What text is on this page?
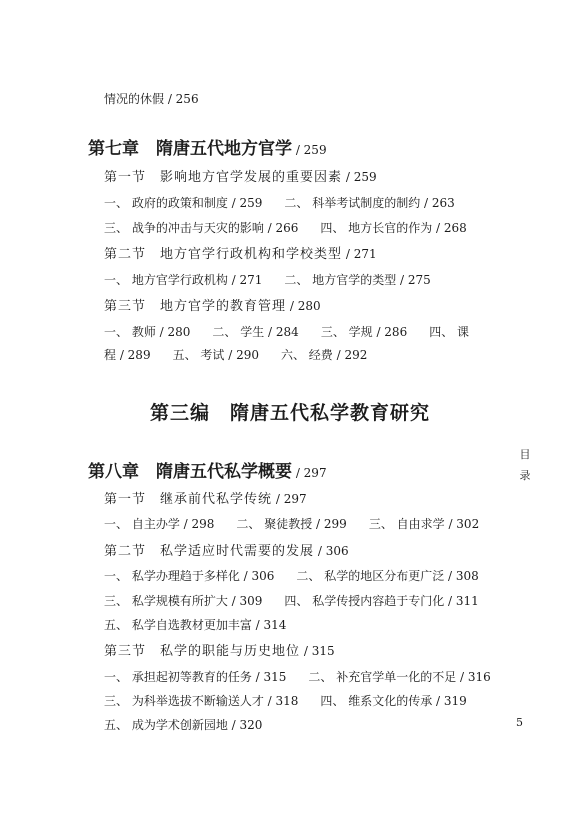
情况的休假 / 256
第七章　隋唐五代地方官学 / 259
第一节　影响地方官学发展的重要因素 / 259
一、 政府的政策和制度 / 259 二、 科举考试制度的制约 / 263
三、 战争的冲击与天灾的影响 / 266 四、 地方长官的作为 / 268
第二节　地方官学行政机构和学校类型 / 271
一、 地方官学行政机构 / 271 二、 地方官学的类型 / 275
第三节　地方官学的教育管理 / 280
一、 教师 / 280 二、 学生 / 284 三、 学规 / 286 四、 课
程 / 289 五、 考试 / 290 六、 经费 / 292
第三编　隋唐五代私学教育研究
第八章　隋唐五代私学概要 / 297
第一节　继承前代私学传统 / 297
一、 自主办学 / 298 二、 聚徒教授 / 299 三、 自由求学 / 302
第二节　私学适应时代需要的发展 / 306
一、 私学办理趋于多样化 / 306 二、 私学的地区分布更广泛 / 308
三、 私学规模有所扩大 / 309 四、 私学传授内容趋于专门化 / 311
五、 私学自选教材更加丰富 / 314
第三节　私学的职能与历史地位 / 315
一、 承担起初等教育的任务 / 315 二、 补充官学单一化的不足 / 316
三、 为科举选拔不断输送人才 / 318 四、 维系文化的传承 / 319
五、 成为学术创新园地 / 320
目
录
5
